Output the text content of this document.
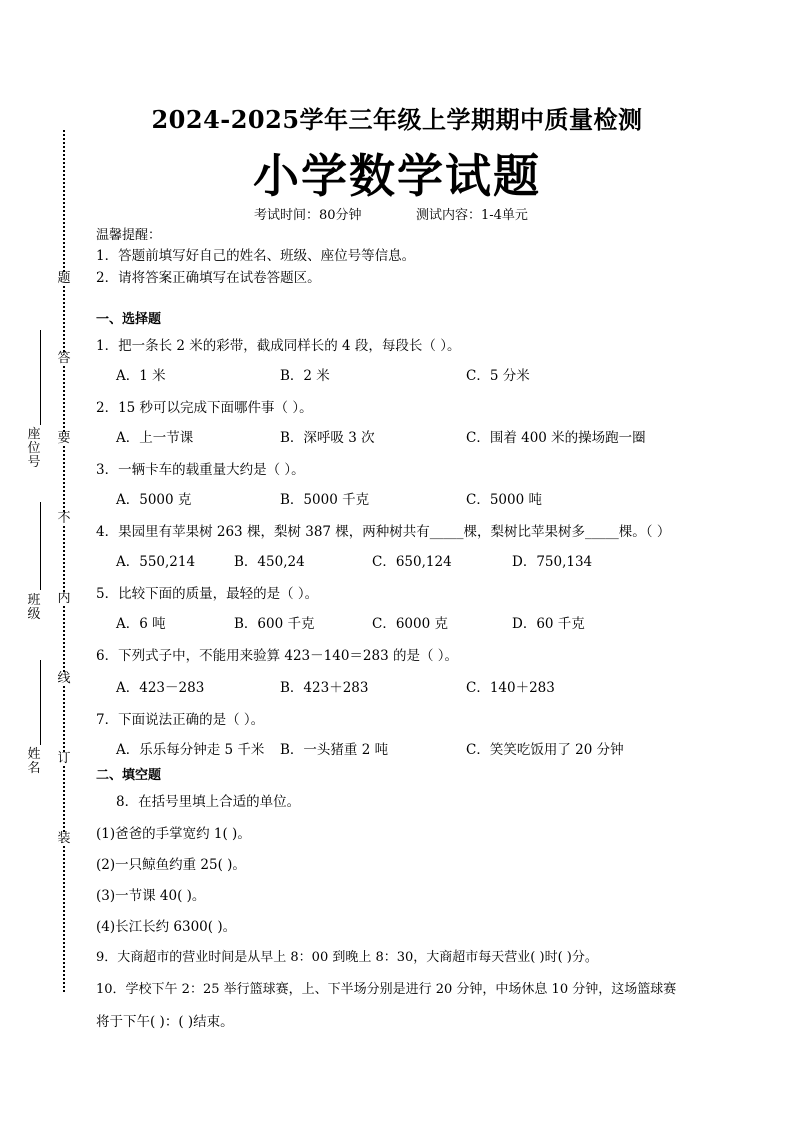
题
答
要
不
内
线
订
装
座位号
班级
姓名
2024-2025学年三年级上学期期中质量检测
小学数学试题
考试时间：80分钟	测试内容：1-4单元
温馨提醒：
1．答题前填写好自己的姓名、班级、座位号等信息。
2．请将答案正确填写在试卷答题区。
一、选择题
1．把一条长 2 米的彩带，截成同样长的 4 段，每段长（ ）。
A．1 米	B．2 米	C．5 分米
2．15 秒可以完成下面哪件事（ ）。
A．上一节课	B．深呼吸 3 次	C．围着 400 米的操场跑一圈
3．一辆卡车的载重量大约是（ ）。
A．5000 克	B．5000 千克	C．5000 吨
4．果园里有苹果树 263 棵，梨树 387 棵，两种树共有_____棵，梨树比苹果树多_____棵。（ ）
A．550,214	B．450,24	C．650,124	D．750,134
5．比较下面的质量，最轻的是（ ）。
A．6 吨	B．600 千克	C．6000 克	D．60 千克
6．下列式子中，不能用来验算 423－140＝283 的是（ ）。
A．423－283	B．423＋283	C．140＋283
7．下面说法正确的是（ ）。
A．乐乐每分钟走 5 千米 B．一头猪重 2 吨	C．笑笑吃饭用了 20 分钟
二、填空题
8．在括号里填上合适的单位。
(1)爸爸的手掌宽约 1( )。
(2)一只鲸鱼约重 25( )。
(3)一节课 40( )。
(4)长江长约 6300( )。
9．大商超市的营业时间是从早上 8：00 到晚上 8：30，大商超市每天营业( )时( )分。
10．学校下午 2：25 举行篮球赛，上、下半场分别是进行 20 分钟，中场休息 10 分钟，这场篮球赛
将于下午( )：( )结束。
